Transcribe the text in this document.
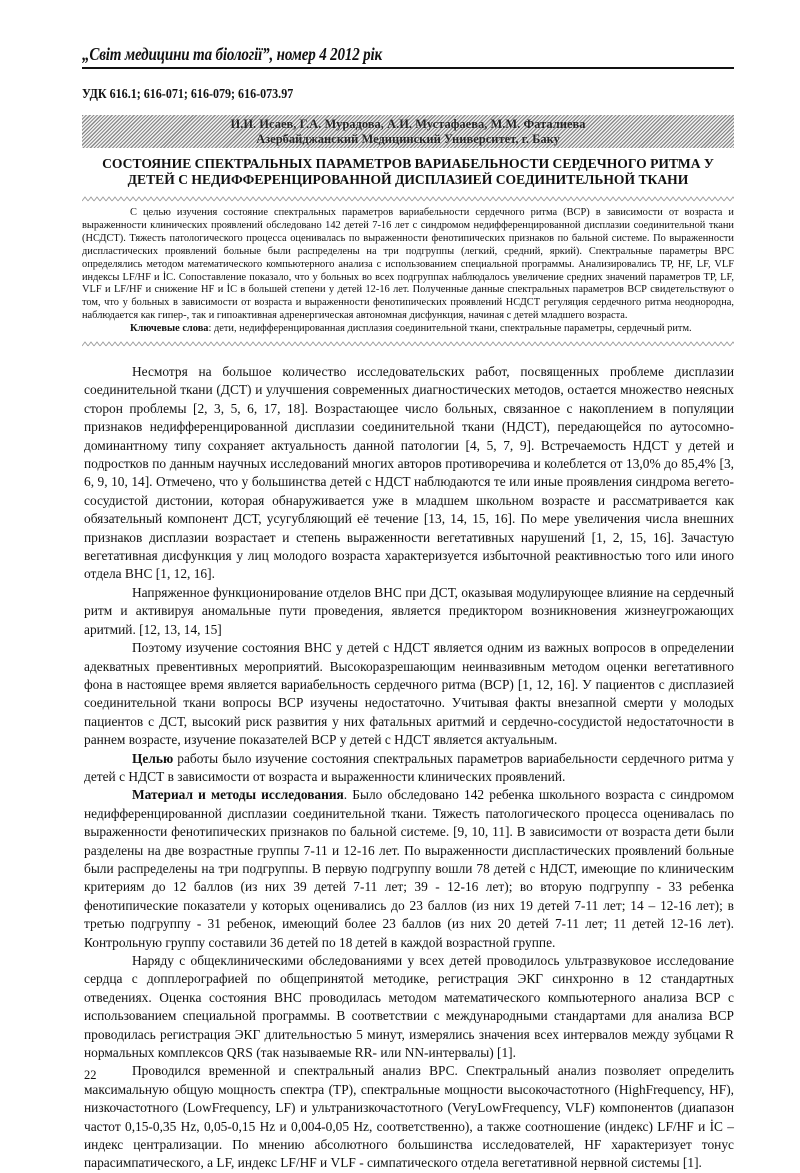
„Світ медицини та біології”, номер 4 2012 рік
УДК 616.1; 616-071; 616-079; 616-073.97
И.И. Исаев, Г.А. Мурадова, А.И. Мустафаева, М.М. Фаталиева
Азербайджанский Медицинский Университет, г. Баку
СОСТОЯНИЕ СПЕКТРАЛЬНЫХ ПАРАМЕТРОВ ВАРИАБЕЛЬНОСТИ СЕРДЕЧНОГО РИТМА У
ДЕТЕЙ С НЕДИФФЕРЕНЦИРОВАННОЙ ДИСПЛАЗИЕЙ СОЕДИНИТЕЛЬНОЙ ТКАНИ

С целью изучения состояние спектральных параметров вариабельности сердечного ритма (ВСР) в зависимости от возраста и выраженности клинических проявлений обследовано 142 детей 7-16 лет с синдромом недифференцированной дисплазии соединительной ткани (НСДСТ). Тяжесть патологического процесса оценивалась по выраженности фенотипических признаков по бальной системе. По выраженности диспластических проявлений больные были распределены на три подгруппы (легкий, средний, яркий). Спектральные параметры ВРС определялись методом математического компьютерного анализа с использованием специальной программы. Анализировались ТР, HF, LF, VLF индексы LF/HF и İC. Сопоставление показало, что у больных во всех подгруппах наблюдалось увеличение средних значений параметров ТР, LF, VLF и LF/HF и снижение HF и İC в большей степени у детей 12-16 лет. Полученные данные спектральных параметров ВСР свидетельствуют о том, что у больных в зависимости от возраста и выраженности фенотипических проявлений НСДСТ регуляция сердечного ритма неоднородна, наблюдается как гипер-, так и гипоактивная адренергическая автономная дисфункция, начиная с детей младшего возраста.

Ключевые слова: дети, недифференцированная дисплазия соединительной ткани, спектральные параметры, сердечный ритм.

Несмотря на большое количество исследовательских работ, посвященных проблеме дисплазии соединительной ткани (ДСТ) и улучшения современных диагностических методов, остается множество неясных сторон проблемы [2, 3, 5, 6, 17, 18]. Возрастающее число больных, связанное с накоплением в популяции признаков недифференцированной дисплазии соединительной ткани (НДСТ), передающейся по аутосомно-доминантному типу сохраняет актуальность данной патологии [4, 5, 7, 9]. Встречаемость НДСТ у детей и подростков по данным научных исследований многих авторов противоречива и колеблется от 13,0% до 85,4% [3, 6, 9, 10, 14]. Отмечено, что у большинства детей с НДСТ наблюдаются те или иные проявления синдрома вегето-сосудистой дистонии, которая обнаруживается уже в младшем школьном возрасте и рассматривается как обязательный компонент ДСТ, усугубляющий её течение [13, 14, 15, 16]. По мере увеличения числа внешних признаков дисплазии возрастает и степень выраженности вегетативных нарушений [1, 2, 15, 16]. Зачастую вегетативная дисфункция у лиц молодого возраста характеризуется избыточной реактивностью того или иного отдела ВНС [1, 12, 16].

Напряженное функционирование отделов ВНС при ДСТ, оказывая модулирующее влияние на сердечный ритм и активируя аномальные пути проведения, является предиктором возникновения жизнеугрожающих аритмий. [12, 13, 14, 15]

Поэтому изучение состояния ВНС у детей с НДСТ является одним из важных вопросов в определении адекватных превентивных мероприятий. Высокоразрешающим неинвазивным методом оценки вегетативного фона в настоящее время является вариабельность сердечного ритма (ВСР) [1, 12, 16]. У пациентов с дисплазией соединительной ткани вопросы ВСР изучены недостаточно. Учитывая факты внезапной смерти у молодых пациентов с ДСТ, высокий риск развития у них фатальных аритмий и сердечно-сосудистой недостаточности в раннем возрасте, изучение показателей ВСР у детей с НДСТ является актуальным.

Целью работы было изучение состояния спектральных параметров вариабельности сердечного ритма у детей с НДСТ в зависимости от возраста и выраженности клинических проявлений.

Материал и методы исследования. Было обследовано 142 ребенка школьного возраста с синдромом недифференцированной дисплазии соединительной ткани. Тяжесть патологического процесса оценивалась по выраженности фенотипических признаков по бальной системе. [9, 10, 11]. В зависимости от возраста дети были разделены на две возрастные группы 7-11 и 12-16 лет. По выраженности диспластических проявлений больные были распределены на три подгруппы. В первую подгруппу вошли 78 детей с НДСТ, имеющие по клиническим критериям до 12 баллов (из них 39 детей 7-11 лет; 39 - 12-16 лет); во вторую подгруппу - 33 ребенка фенотипические показатели у которых оценивались до 23 баллов (из них 19 детей 7-11 лет; 14 – 12-16 лет); в третью подгруппу - 31 ребенок, имеющий более 23 баллов (из них 20 детей 7-11 лет; 11 детей 12-16 лет). Контрольную группу составили 36 детей по 18 детей в каждой возрастной группе.

Наряду с общеклиническими обследованиями у всех детей проводилось ультразвуковое исследование сердца с допплерографией по общепринятой методике, регистрация ЭКГ синхронно в 12 стандартных отведениях. Оценка состояния ВНС проводилась методом математического компьютерного анализа ВСР с использованием специальной программы. В соответствии с международными стандартами для анализа ВСР проводилась регистрация ЭКГ длительностью 5 минут, измерялись значения всех интервалов между зубцами R нормальных комплексов QRS (так называемые RR- или NN-интервалы) [1].

Проводился временной и спектральный анализ ВРС. Спектральный анализ позволяет определить максимальную общую мощность спектра (ТР), спектральные мощности высокочастотного (HighFrequency, HF), низкочастотного (LowFrequency, LF) и ультранизкочастотного (VeryLowFrequency, VLF) компонентов (диапазон частот 0,15-0,35 Hz, 0,05-0,15 Hz и 0,004-0,05 Hz, соответственно), а также соотношение (индекс) LF/HF и İC – индекс централизации. По мнению абсолютного большинства исследователей, HF характеризует тонус парасимпатического, а LF, индекс LF/HF и VLF - симпатического отдела вегетативной нервной системы [1].

22
